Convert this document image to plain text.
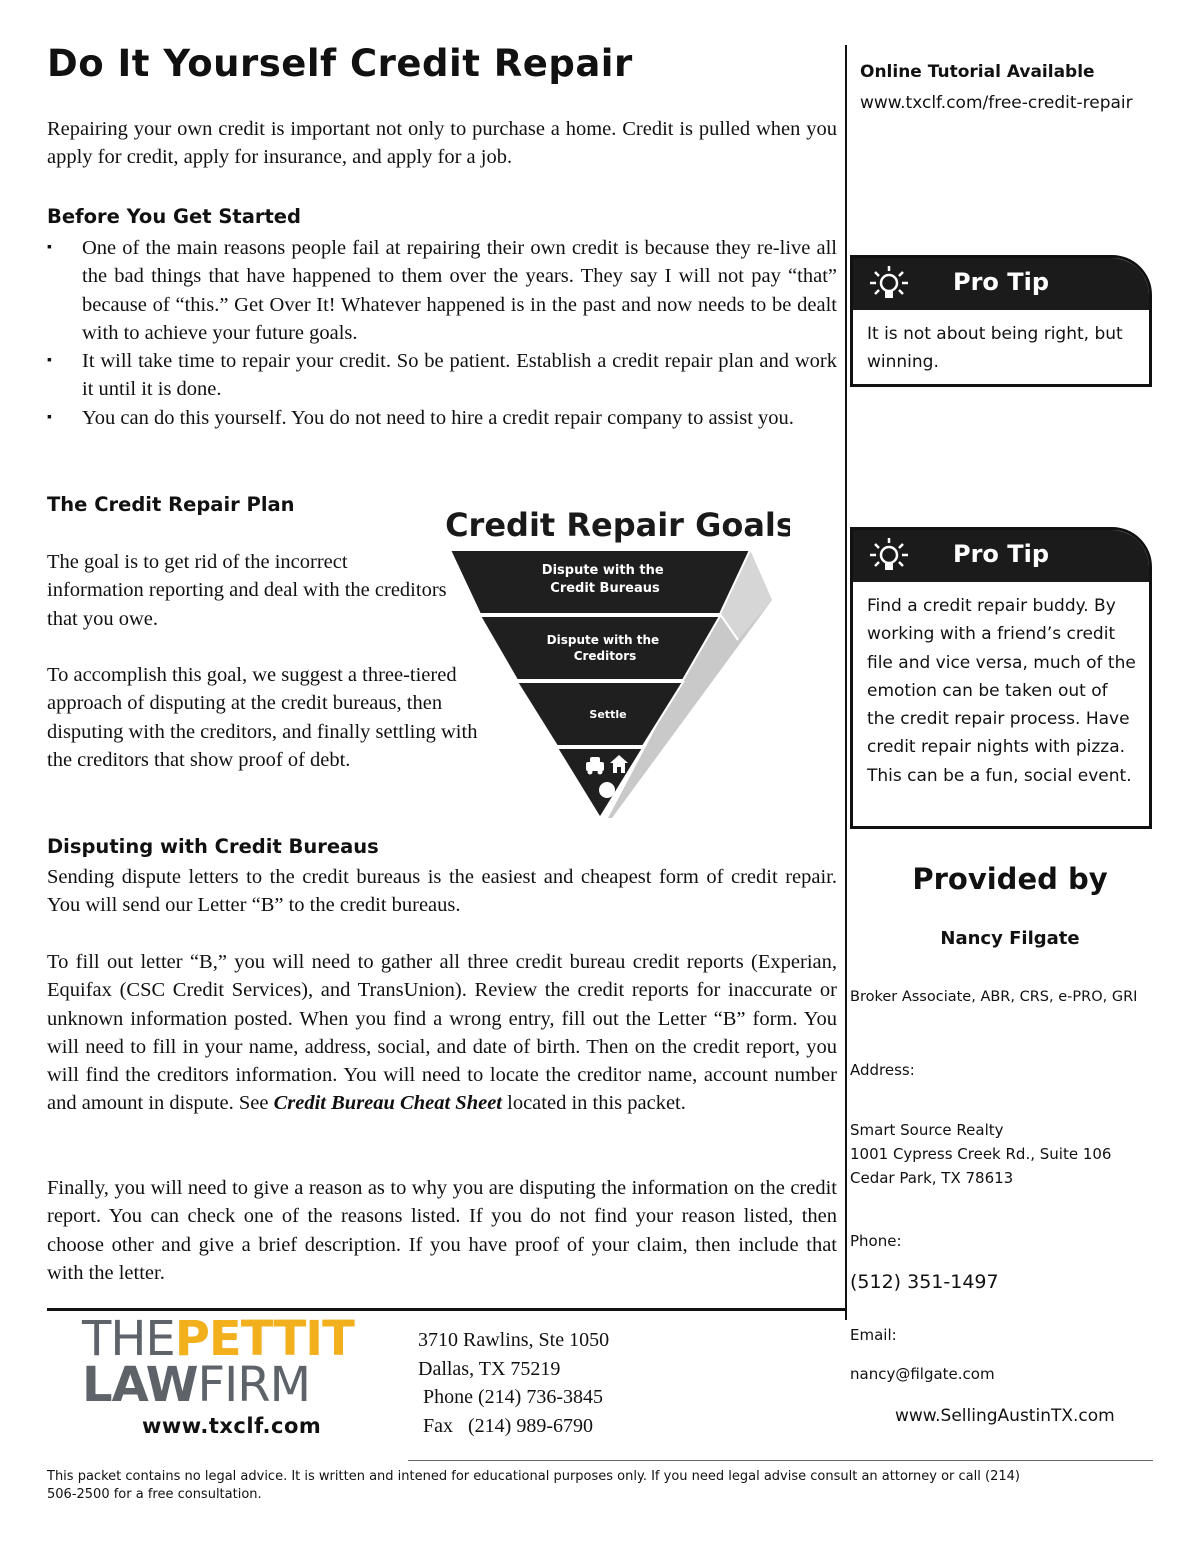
Do It Yourself Credit Repair

Repairing your own credit is important not only to purchase a home. Credit is pulled when you apply for credit, apply for insurance, and apply for a job.

Before You Get Started
▪ One of the main reasons people fail at repairing their own credit is because they re-live all the bad things that have happened to them over the years. They say I will not pay “that” because of “this.” Get Over It! Whatever happened is in the past and now needs to be dealt with to achieve your future goals.
▪ It will take time to repair your credit. So be patient. Establish a credit repair plan and work it until it is done.
▪ You can do this yourself. You do not need to hire a credit repair company to assist you.
The Credit Repair Plan

The goal is to get rid of the incorrect information reporting and deal with the creditors that you owe.

To accomplish this goal, we suggest a three-tiered approach of disputing at the credit bureaus, then disputing with the creditors, and finally settling with the creditors that show proof of debt.

Credit Repair Goals
Dispute with the Credit Bureaus
Dispute with the Creditors
Settle
Disputing with Credit Bureaus

Sending dispute letters to the credit bureaus is the easiest and cheapest form of credit repair. You will send our Letter “B” to the credit bureaus.

To fill out letter “B,” you will need to gather all three credit bureau credit reports (Experian, Equifax (CSC Credit Services), and TransUnion). Review the credit reports for inaccurate or unknown information posted. When you find a wrong entry, fill out the Letter “B” form. You will need to fill in your name, address, social, and date of birth. Then on the credit report, you will find the creditors information. You will need to locate the creditor name, account number and amount in dispute. See Credit Bureau Cheat Sheet located in this packet.

Finally, you will need to give a reason as to why you are disputing the information on the credit report. You can check one of the reasons listed. If you do not find your reason listed, then choose other and give a brief description. If you have proof of your claim, then include that with the letter.

Online Tutorial Available
www.txclf.com/free-credit-repair
Pro Tip
It is not about being right, but winning.
Pro Tip
Find a credit repair buddy. By working with a friend’s credit file and vice versa, much of the emotion can be taken out of the credit repair process. Have credit repair nights with pizza. This can be a fun, social event.
Provided by
Nancy Filgate
Broker Associate, ABR, CRS, e-PRO, GRI
Address:
Smart Source Realty
1001 Cypress Creek Rd., Suite 106
Cedar Park, TX 78613
Phone:
(512) 351-1497
Email:
nancy@filgate.com
www.SellingAustinTX.com
THEPETTIT
LAWFIRM
www.txclf.com
3710 Rawlins, Ste 1050
Dallas, TX 75219
Phone (214) 736-3845
Fax   (214) 989-6790
This packet contains no legal advice. It is written and intened for educational purposes only. If you need legal advise consult an attorney or call (214) 506-2500 for a free consultation.
